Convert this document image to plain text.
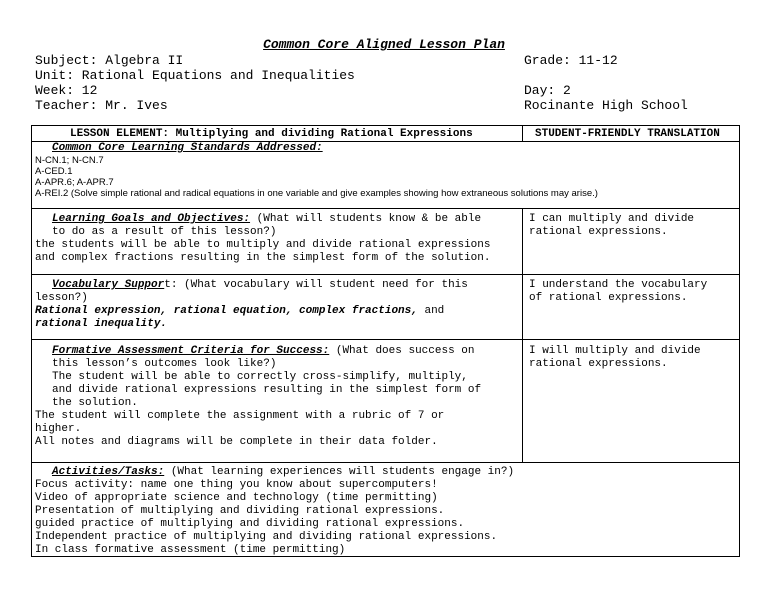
Common Core Aligned Lesson Plan
Subject: Algebra II
Unit: Rational Equations and Inequalities
Week: 12
Teacher: Mr. Ives
Grade: 11-12
Day: 2
Rocinante High School
LESSON ELEMENT: Multiplying and dividing Rational Expressions	STUDENT-FRIENDLY TRANSLATION
Common Core Learning Standards Addressed:
N-CN.1; N-CN.7
A-CED.1
A-APR.6; A-APR.7
A-REI.2 (Solve simple rational and radical equations in one variable and give examples showing how extraneous solutions may arise.)
Learning Goals and Objectives: (What will students know & be able
to do as a result of this lesson?)
the students will be able to multiply and divide rational expressions
and complex fractions resulting in the simplest form of the solution.
I can multiply and divide
rational expressions.
Vocabulary Support: (What vocabulary will student need for this
lesson?)
Rational expression, rational equation, complex fractions, and
rational inequality.
I understand the vocabulary
of rational expressions.
Formative Assessment Criteria for Success: (What does success on
this lesson’s outcomes look like?)
The student will be able to correctly cross-simplify, multiply,
and divide rational expressions resulting in the simplest form of
the solution.
The student will complete the assignment with a rubric of 7 or
higher.
All notes and diagrams will be complete in their data folder.
I will multiply and divide
rational expressions.
Activities/Tasks: (What learning experiences will students engage in?)
Focus activity: name one thing you know about supercomputers!
Video of appropriate science and technology (time permitting)
Presentation of multiplying and dividing rational expressions.
guided practice of multiplying and dividing rational expressions.
Independent practice of multiplying and dividing rational expressions.
In class formative assessment (time permitting)
